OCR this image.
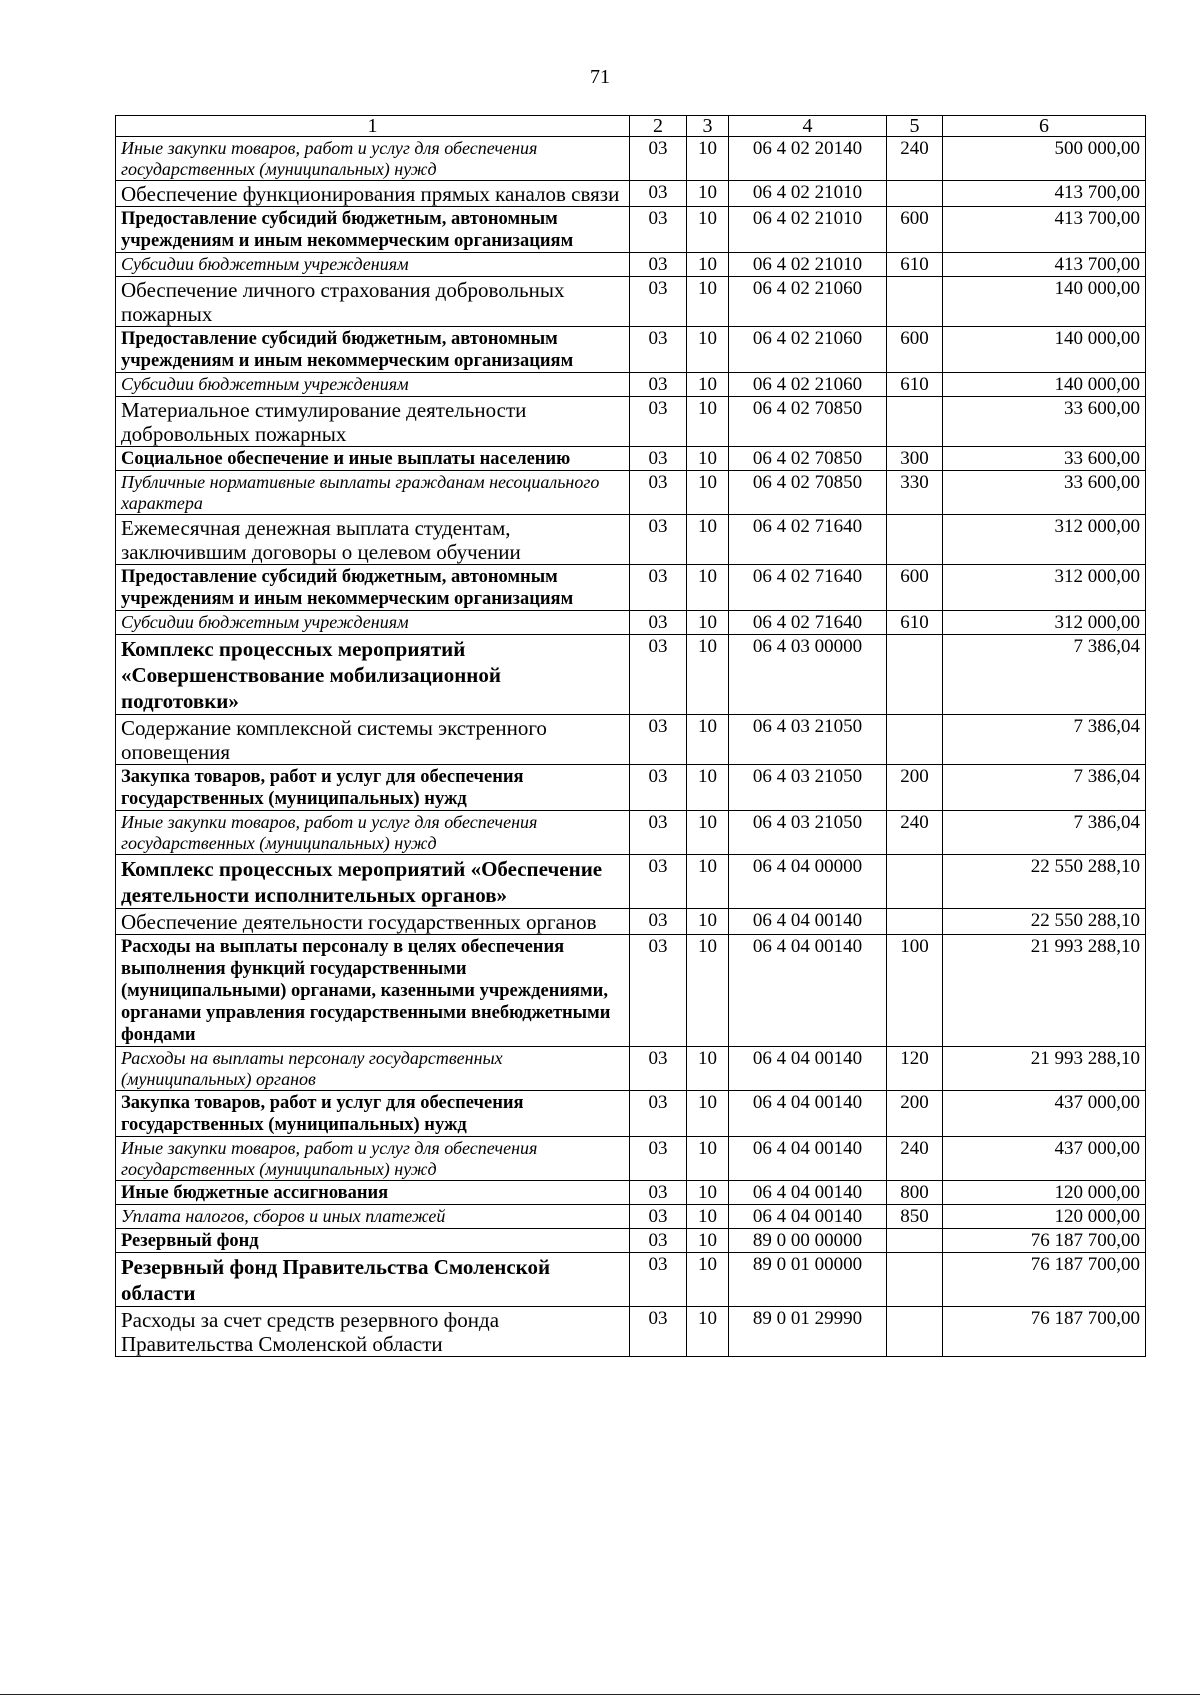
71
1	2	3	4	5	6
Иные закупки товаров, работ и услуг для обеспечения государственных (муниципальных) нужд	03	10	06 4 02 20140	240	500 000,00
Обеспечение функционирования прямых каналов связи	03	10	06 4 02 21010		413 700,00
Предоставление субсидий бюджетным, автономным учреждениям и иным некоммерческим организациям	03	10	06 4 02 21010	600	413 700,00
Субсидии бюджетным учреждениям	03	10	06 4 02 21010	610	413 700,00
Обеспечение личного страхования добровольных пожарных	03	10	06 4 02 21060		140 000,00
Предоставление субсидий бюджетным, автономным учреждениям и иным некоммерческим организациям	03	10	06 4 02 21060	600	140 000,00
Субсидии бюджетным учреждениям	03	10	06 4 02 21060	610	140 000,00
Материальное стимулирование деятельности добровольных пожарных	03	10	06 4 02 70850		33 600,00
Социальное обеспечение и иные выплаты населению	03	10	06 4 02 70850	300	33 600,00
Публичные нормативные выплаты гражданам несоциального характера	03	10	06 4 02 70850	330	33 600,00
Ежемесячная денежная выплата студентам, заключившим договоры о целевом обучении	03	10	06 4 02 71640		312 000,00
Предоставление субсидий бюджетным, автономным учреждениям и иным некоммерческим организациям	03	10	06 4 02 71640	600	312 000,00
Субсидии бюджетным учреждениям	03	10	06 4 02 71640	610	312 000,00
Комплекс процессных мероприятий «Совершенствование мобилизационной подготовки»	03	10	06 4 03 00000		7 386,04
Содержание комплексной системы экстренного оповещения	03	10	06 4 03 21050		7 386,04
Закупка товаров, работ и услуг для обеспечения государственных (муниципальных) нужд	03	10	06 4 03 21050	200	7 386,04
Иные закупки товаров, работ и услуг для обеспечения государственных (муниципальных) нужд	03	10	06 4 03 21050	240	7 386,04
Комплекс процессных мероприятий «Обеспечение деятельности исполнительных органов»	03	10	06 4 04 00000		22 550 288,10
Обеспечение деятельности государственных органов	03	10	06 4 04 00140		22 550 288,10
Расходы на выплаты персоналу в целях обеспечения выполнения функций государственными (муниципальными) органами, казенными учреждениями, органами управления государственными внебюджетными фондами	03	10	06 4 04 00140	100	21 993 288,10
Расходы на выплаты персоналу государственных (муниципальных) органов	03	10	06 4 04 00140	120	21 993 288,10
Закупка товаров, работ и услуг для обеспечения государственных (муниципальных) нужд	03	10	06 4 04 00140	200	437 000,00
Иные закупки товаров, работ и услуг для обеспечения государственных (муниципальных) нужд	03	10	06 4 04 00140	240	437 000,00
Иные бюджетные ассигнования	03	10	06 4 04 00140	800	120 000,00
Уплата налогов, сборов и иных платежей	03	10	06 4 04 00140	850	120 000,00
Резервный фонд	03	10	89 0 00 00000		76 187 700,00
Резервный фонд Правительства Смоленской области	03	10	89 0 01 00000		76 187 700,00
Расходы за счет средств резервного фонда Правительства Смоленской области	03	10	89 0 01 29990		76 187 700,00
